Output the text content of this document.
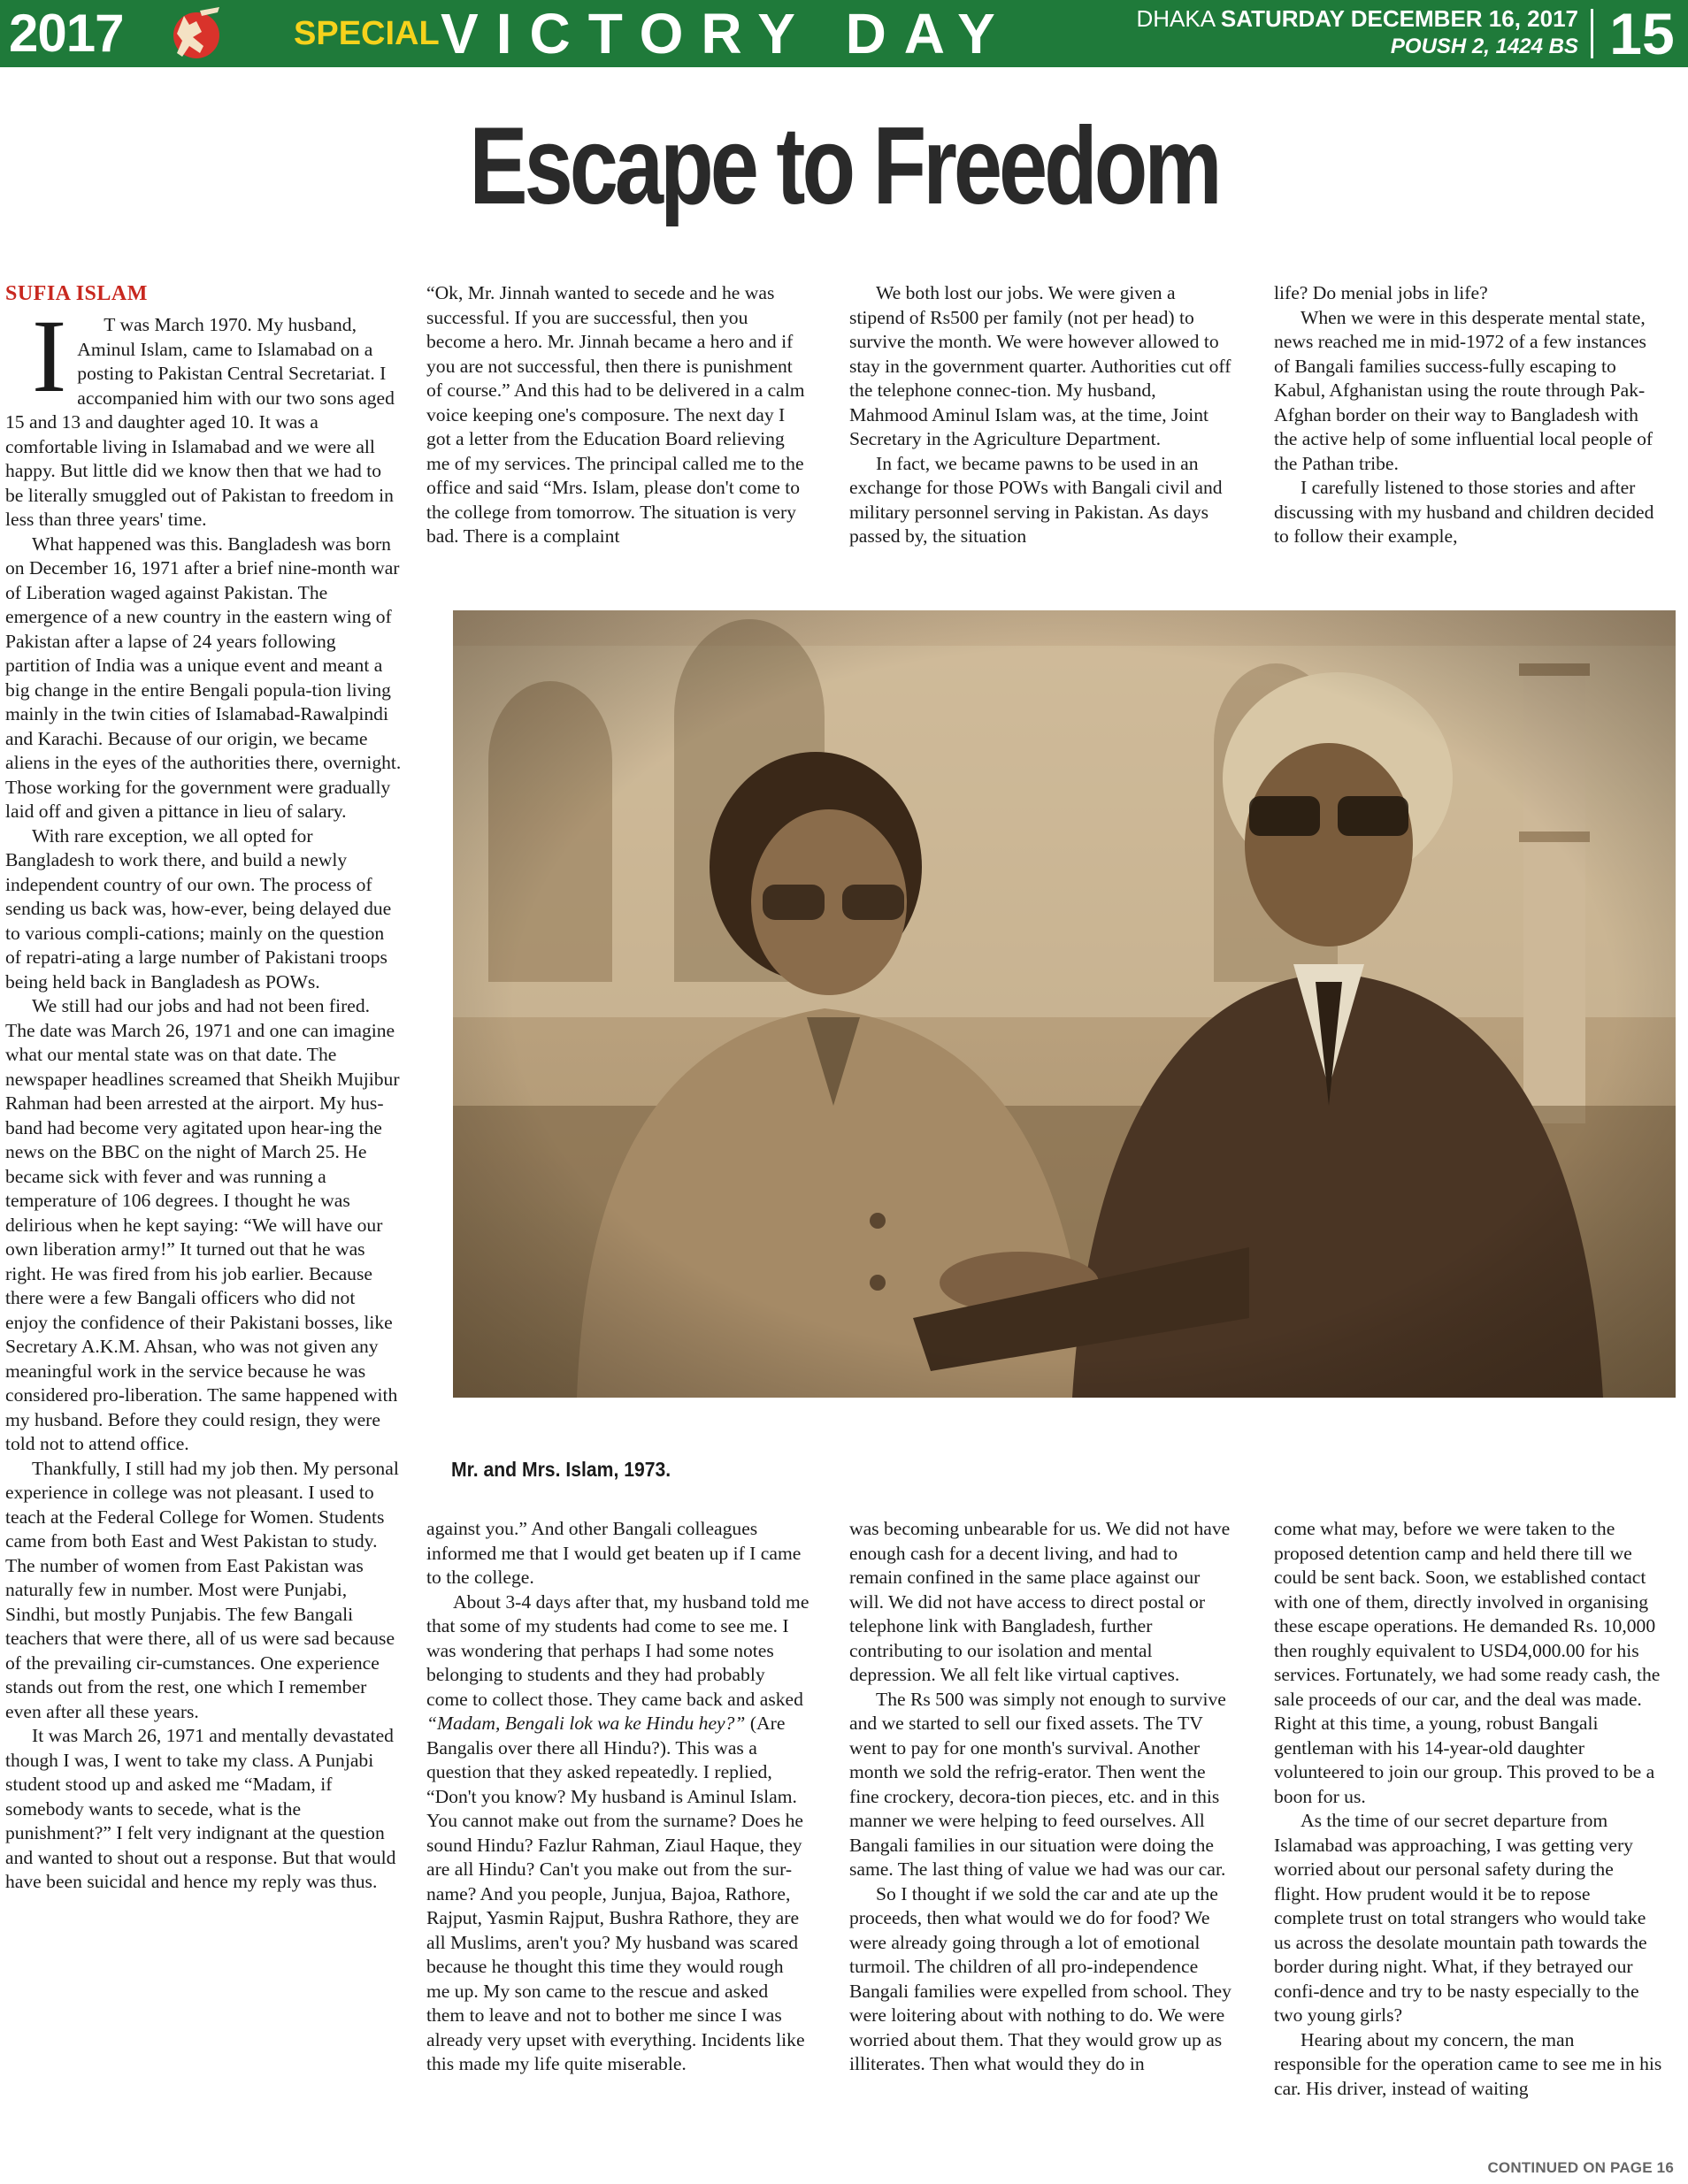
2017	SPECIAL VICTORY DAY	DHAKA SATURDAY DECEMBER 16, 2017
POUSH 2, 1424 BS 15
Escape to Freedom
SUFIA ISLAM

I T was March 1970. My husband, Aminul Islam, came to Islamabad on a posting to Pakistan Central Secretariat. I accompanied him with our two sons aged 15 and 13 and daughter aged 10. It was a comfortable living in Islamabad and we were all happy. But little did we know then that we had to be literally smuggled out of Pakistan to freedom in less than three years' time.

What happened was this. Bangladesh was born on December 16, 1971 after a brief nine-month war of Liberation waged against Pakistan. The emergence of a new country in the eastern wing of Pakistan after a lapse of 24 years following partition of India was a unique event and meant a big change in the entire Bengali popula-tion living mainly in the twin cities of Islamabad-Rawalpindi and Karachi. Because of our origin, we became aliens in the eyes of the authorities there, overnight. Those working for the government were gradually laid off and given a pittance in lieu of salary.

With rare exception, we all opted for Bangladesh to work there, and build a newly independent country of our own. The process of sending us back was, how-ever, being delayed due to various compli-cations; mainly on the question of repatri-ating a large number of Pakistani troops being held back in Bangladesh as POWs.

We still had our jobs and had not been fired. The date was March 26, 1971 and one can imagine what our mental state was on that date. The newspaper headlines screamed that Sheikh Mujibur Rahman had been arrested at the airport. My hus-band had become very agitated upon hear-ing the news on the BBC on the night of March 25. He became sick with fever and was running a temperature of 106 degrees. I thought he was delirious when he kept saying: “We will have our own liberation army!” It turned out that he was right. He was fired from his job earlier. Because there were a few Bangali officers who did not enjoy the confidence of their Pakistani bosses, like Secretary A.K.M. Ahsan, who was not given any meaningful work in the service because he was considered pro-liberation. The same happened with my husband. Before they could resign, they were told not to attend office.

Thankfully, I still had my job then. My personal experience in college was not pleasant. I used to teach at the Federal College for Women. Students came from both East and West Pakistan to study. The number of women from East Pakistan was naturally few in number. Most were Punjabi, Sindhi, but mostly Punjabis. The few Bangali teachers that were there, all of us were sad because of the prevailing cir-cumstances. One experience stands out from the rest, one which I remember even after all these years.

It was March 26, 1971 and mentally devastated though I was, I went to take my class. A Punjabi student stood up and asked me “Madam, if somebody wants to secede, what is the punishment?” I felt very indignant at the question and wanted to shout out a response. But that would have been suicidal and hence my reply was thus.

“Ok, Mr. Jinnah wanted to secede and he was successful. If you are successful, then you become a hero. Mr. Jinnah became a hero and if you are not successful, then there is punishment of course.” And this had to be delivered in a calm voice keeping one's composure. The next day I got a letter from the Education Board relieving me of my services. The principal called me to the office and said “Mrs. Islam, please don't come to the college from tomorrow. The situation is very bad. There is a complaint

We both lost our jobs. We were given a stipend of Rs500 per family (not per head) to survive the month. We were however allowed to stay in the government quarter. Authorities cut off the telephone connec-tion. My husband, Mahmood Aminul Islam was, at the time, Joint Secretary in the Agriculture Department.

In fact, we became pawns to be used in an exchange for those POWs with Bangali civil and military personnel serving in Pakistan. As days passed by, the situation

life? Do menial jobs in life?

When we were in this desperate mental state, news reached me in mid-1972 of a few instances of Bangali families success-fully escaping to Kabul, Afghanistan using the route through Pak-Afghan border on their way to Bangladesh with the active help of some influential local people of the Pathan tribe.

I carefully listened to those stories and after discussing with my husband and children decided to follow their example,

Mr. and Mrs. Islam, 1973.

against you.” And other Bangali colleagues informed me that I would get beaten up if I came to the college.

About 3-4 days after that, my husband told me that some of my students had come to see me. I was wondering that perhaps I had some notes belonging to students and they had probably come to collect those. They came back and asked “Madam, Bengali lok wa ke Hindu hey?” (Are Bangalis over there all Hindu?). This was a question that they asked repeatedly. I replied, “Don't you know? My husband is Aminul Islam. You cannot make out from the surname? Does he sound Hindu? Fazlur Rahman, Ziaul Haque, they are all Hindu? Can't you make out from the sur-name? And you people, Junjua, Bajoa, Rathore, Rajput, Yasmin Rajput, Bushra Rathore, they are all Muslims, aren't you? My husband was scared because he thought this time they would rough me up. My son came to the rescue and asked them to leave and not to bother me since I was already very upset with everything. Incidents like this made my life quite miserable.

was becoming unbearable for us. We did not have enough cash for a decent living, and had to remain confined in the same place against our will. We did not have access to direct postal or telephone link with Bangladesh, further contributing to our isolation and mental depression. We all felt like virtual captives.

The Rs 500 was simply not enough to survive and we started to sell our fixed assets. The TV went to pay for one month's survival. Another month we sold the refrig-erator. Then went the fine crockery, decora-tion pieces, etc. and in this manner we were helping to feed ourselves. All Bangali families in our situation were doing the same. The last thing of value we had was our car.

So I thought if we sold the car and ate up the proceeds, then what would we do for food? We were already going through a lot of emotional turmoil. The children of all pro-independence Bangali families were expelled from school. They were loitering about with nothing to do. We were worried about them. That they would grow up as illiterates. Then what would they do in

come what may, before we were taken to the proposed detention camp and held there till we could be sent back. Soon, we established contact with one of them, directly involved in organising these escape operations. He demanded Rs. 10,000 then roughly equivalent to USD4,000.00 for his services. Fortunately, we had some ready cash, the sale proceeds of our car, and the deal was made. Right at this time, a young, robust Bangali gentleman with his 14-year-old daughter volunteered to join our group. This proved to be a boon for us.

As the time of our secret departure from Islamabad was approaching, I was getting very worried about our personal safety during the flight. How prudent would it be to repose complete trust on total strangers who would take us across the desolate mountain path towards the border during night. What, if they betrayed our confi-dence and try to be nasty especially to the two young girls?

Hearing about my concern, the man responsible for the operation came to see me in his car. His driver, instead of waiting

CONTINUED ON PAGE 16
